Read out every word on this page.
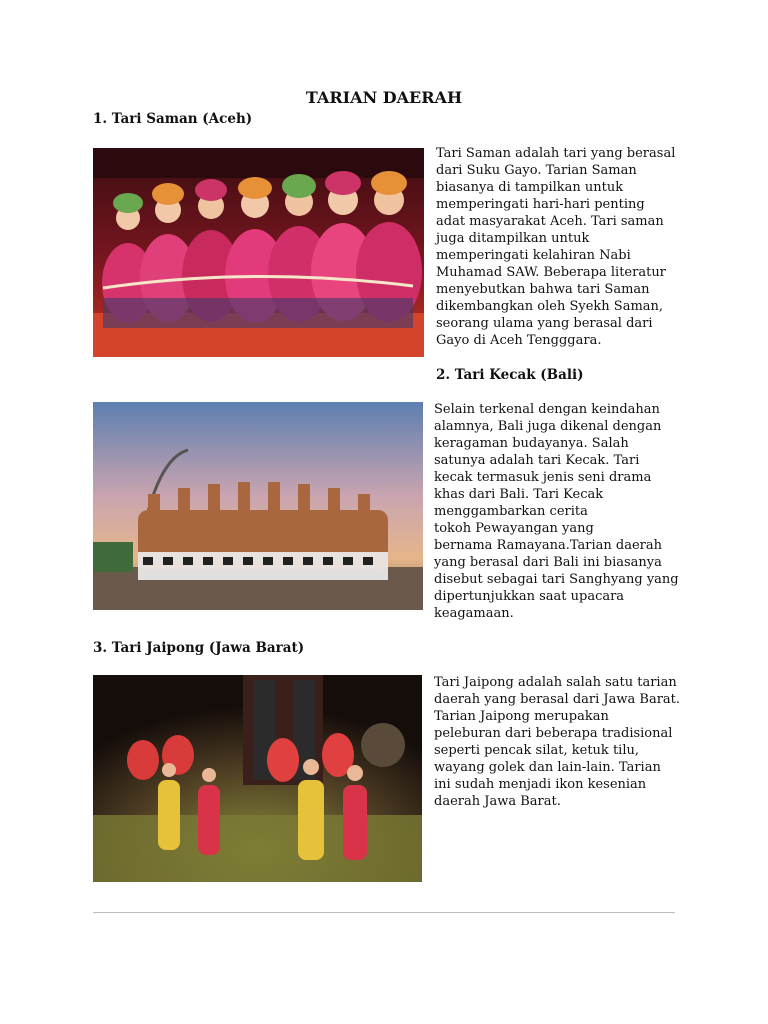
TARIAN DAERAH
1. Tari Saman (Aceh)
Tari Saman adalah tari yang berasal
dari Suku Gayo. Tarian Saman
biasanya di tampilkan untuk
memperingati hari-hari penting
adat masyarakat Aceh. Tari saman
juga ditampilkan untuk
memperingati kelahiran Nabi
Muhamad SAW. Beberapa literatur
menyebutkan bahwa tari Saman
dikembangkan oleh Syekh Saman,
seorang ulama yang berasal dari
Gayo di Aceh Tengggara.
2. Tari Kecak (Bali)
Selain terkenal dengan keindahan
alamnya, Bali juga dikenal dengan
keragaman budayanya. Salah
satunya adalah tari Kecak. Tari
kecak termasuk jenis seni drama
khas dari Bali. Tari Kecak
menggambarkan cerita
tokoh Pewayangan yang
bernama Ramayana.Tarian daerah
yang berasal dari Bali ini biasanya
disebut sebagai tari Sanghyang yang
dipertunjukkan saat upacara
keagamaan.
3. Tari Jaipong (Jawa Barat)
Tari Jaipong adalah salah satu tarian
daerah yang berasal dari Jawa Barat.
Tarian Jaipong merupakan
peleburan dari beberapa tradisional
seperti pencak silat, ketuk tilu,
wayang golek dan lain-lain. Tarian
ini sudah menjadi ikon kesenian
daerah Jawa Barat.
